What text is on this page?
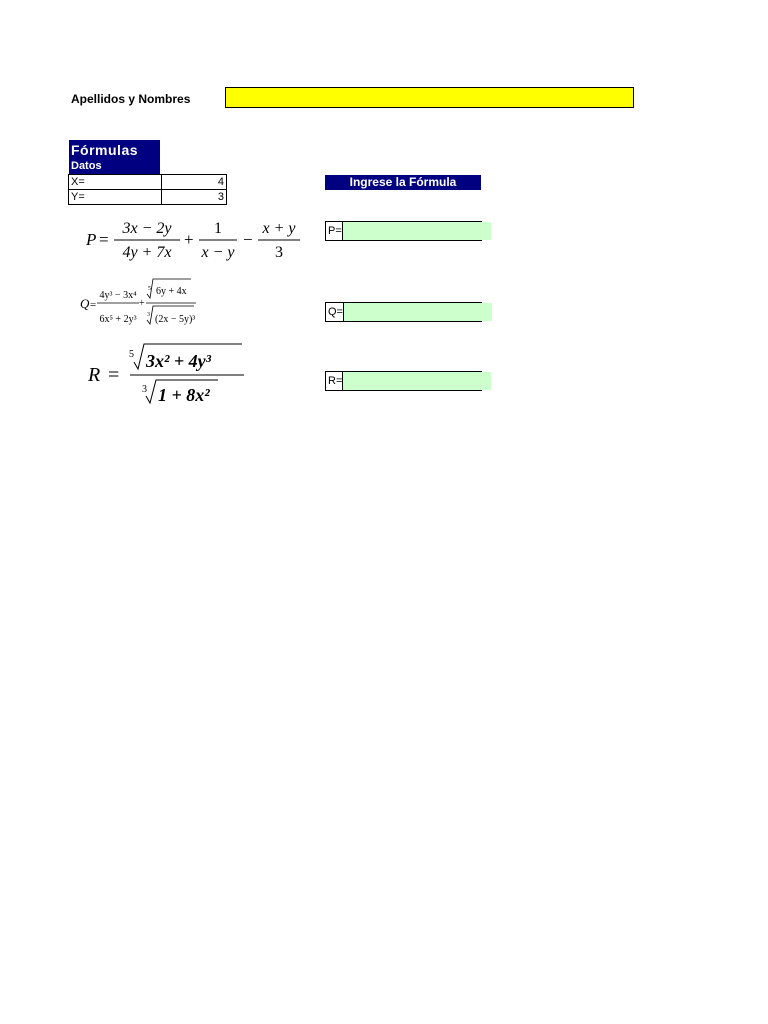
Apellidos y Nombres
Fórmulas
Datos
X=	4
Y=	3
Ingrese la Fórmula
P=
Q=
R=
P =
3x − 2y
4y + 7x
+
1
x − y
−
x + y
3
Q =
4y³ − 3x⁴
6x⁵ + 2y³
+
5 6y + 4x
3 (2x − 5y)³
R =
5 3x² + 4y³
3 1 + 8x²
